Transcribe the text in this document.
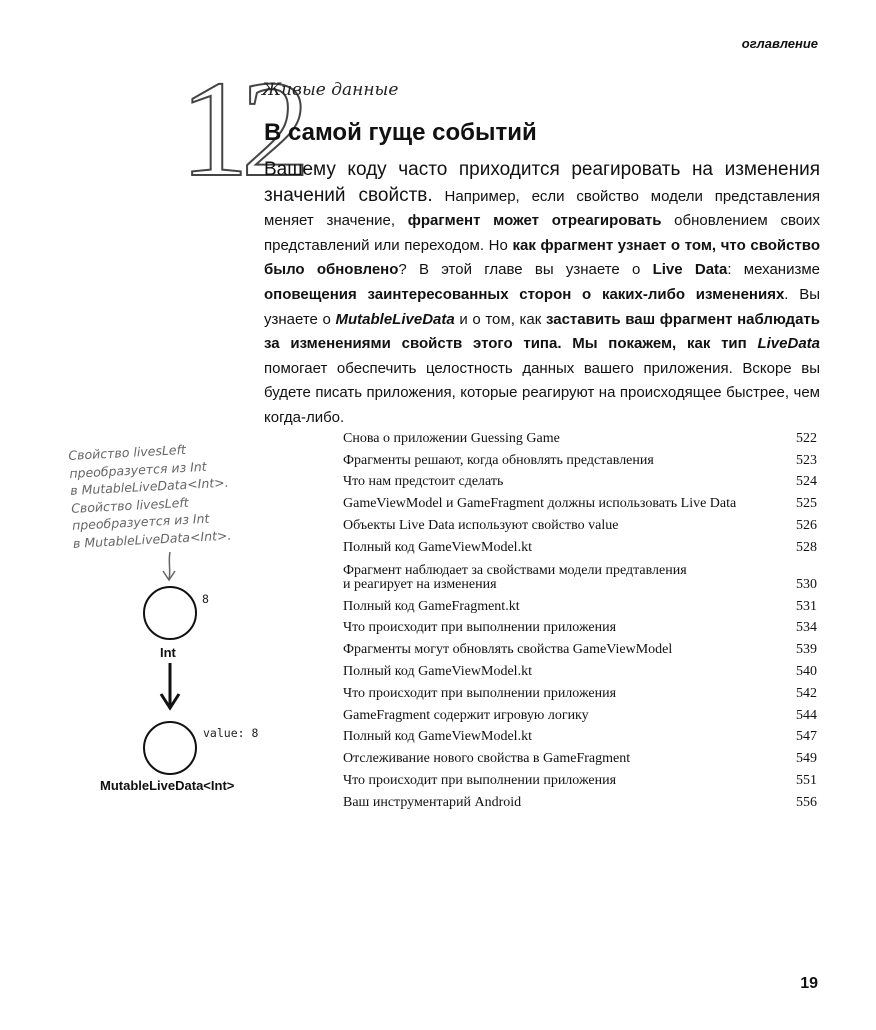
оглавление
12
Живые данные
В самой гуще событий
Вашему коду часто приходится реагировать на изменения значений свойств. Например, если свойство модели представления меняет значение, фрагмент может отреагировать обновлением своих представлений или переходом. Но как фрагмент узнает о том, что свойство было обновлено? В этой главе вы узнаете о Live Data: механизме оповещения заинтересованных сторон о каких-либо изменениях. Вы узнаете о MutableLiveData и о том, как заставить ваш фрагмент наблюдать за изменениями свойств этого типа. Мы покажем, как тип LiveData помогает обеспечить целостность данных вашего приложения. Вскоре вы будете писать приложения, которые реагируют на происходящее быстрее, чем когда-либо.
Снова о приложении Guessing Game	522
Фрагменты решают, когда обновлять представления	523
Что нам предстоит сделать	524
GameViewModel и GameFragment должны использовать Live Data	525
Объекты Live Data используют свойство value	526
Полный код GameViewModel.kt	528
Фрагмент наблюдает за свойствами модели предтавления
и реагирует на изменения	530
Полный код GameFragment.kt	531
Что происходит при выполнении приложения	534
Фрагменты могут обновлять свойства GameViewModel	539
Полный код GameViewModel.kt	540
Что происходит при выполнении приложения	542
GameFragment содержит игровую логику	544
Полный код GameViewModel.kt	547
Отслеживание нового свойства в GameFragment	549
Что происходит при выполнении приложения	551
Ваш инструментарий Android	556
Свойство livesLeft
преобразуется из Int
в MutableLiveData<Int>.
Свойство livesLeft
преобразуется из Int
в MutableLiveData<Int>.
8
Int
value: 8
MutableLiveData<Int>
19
